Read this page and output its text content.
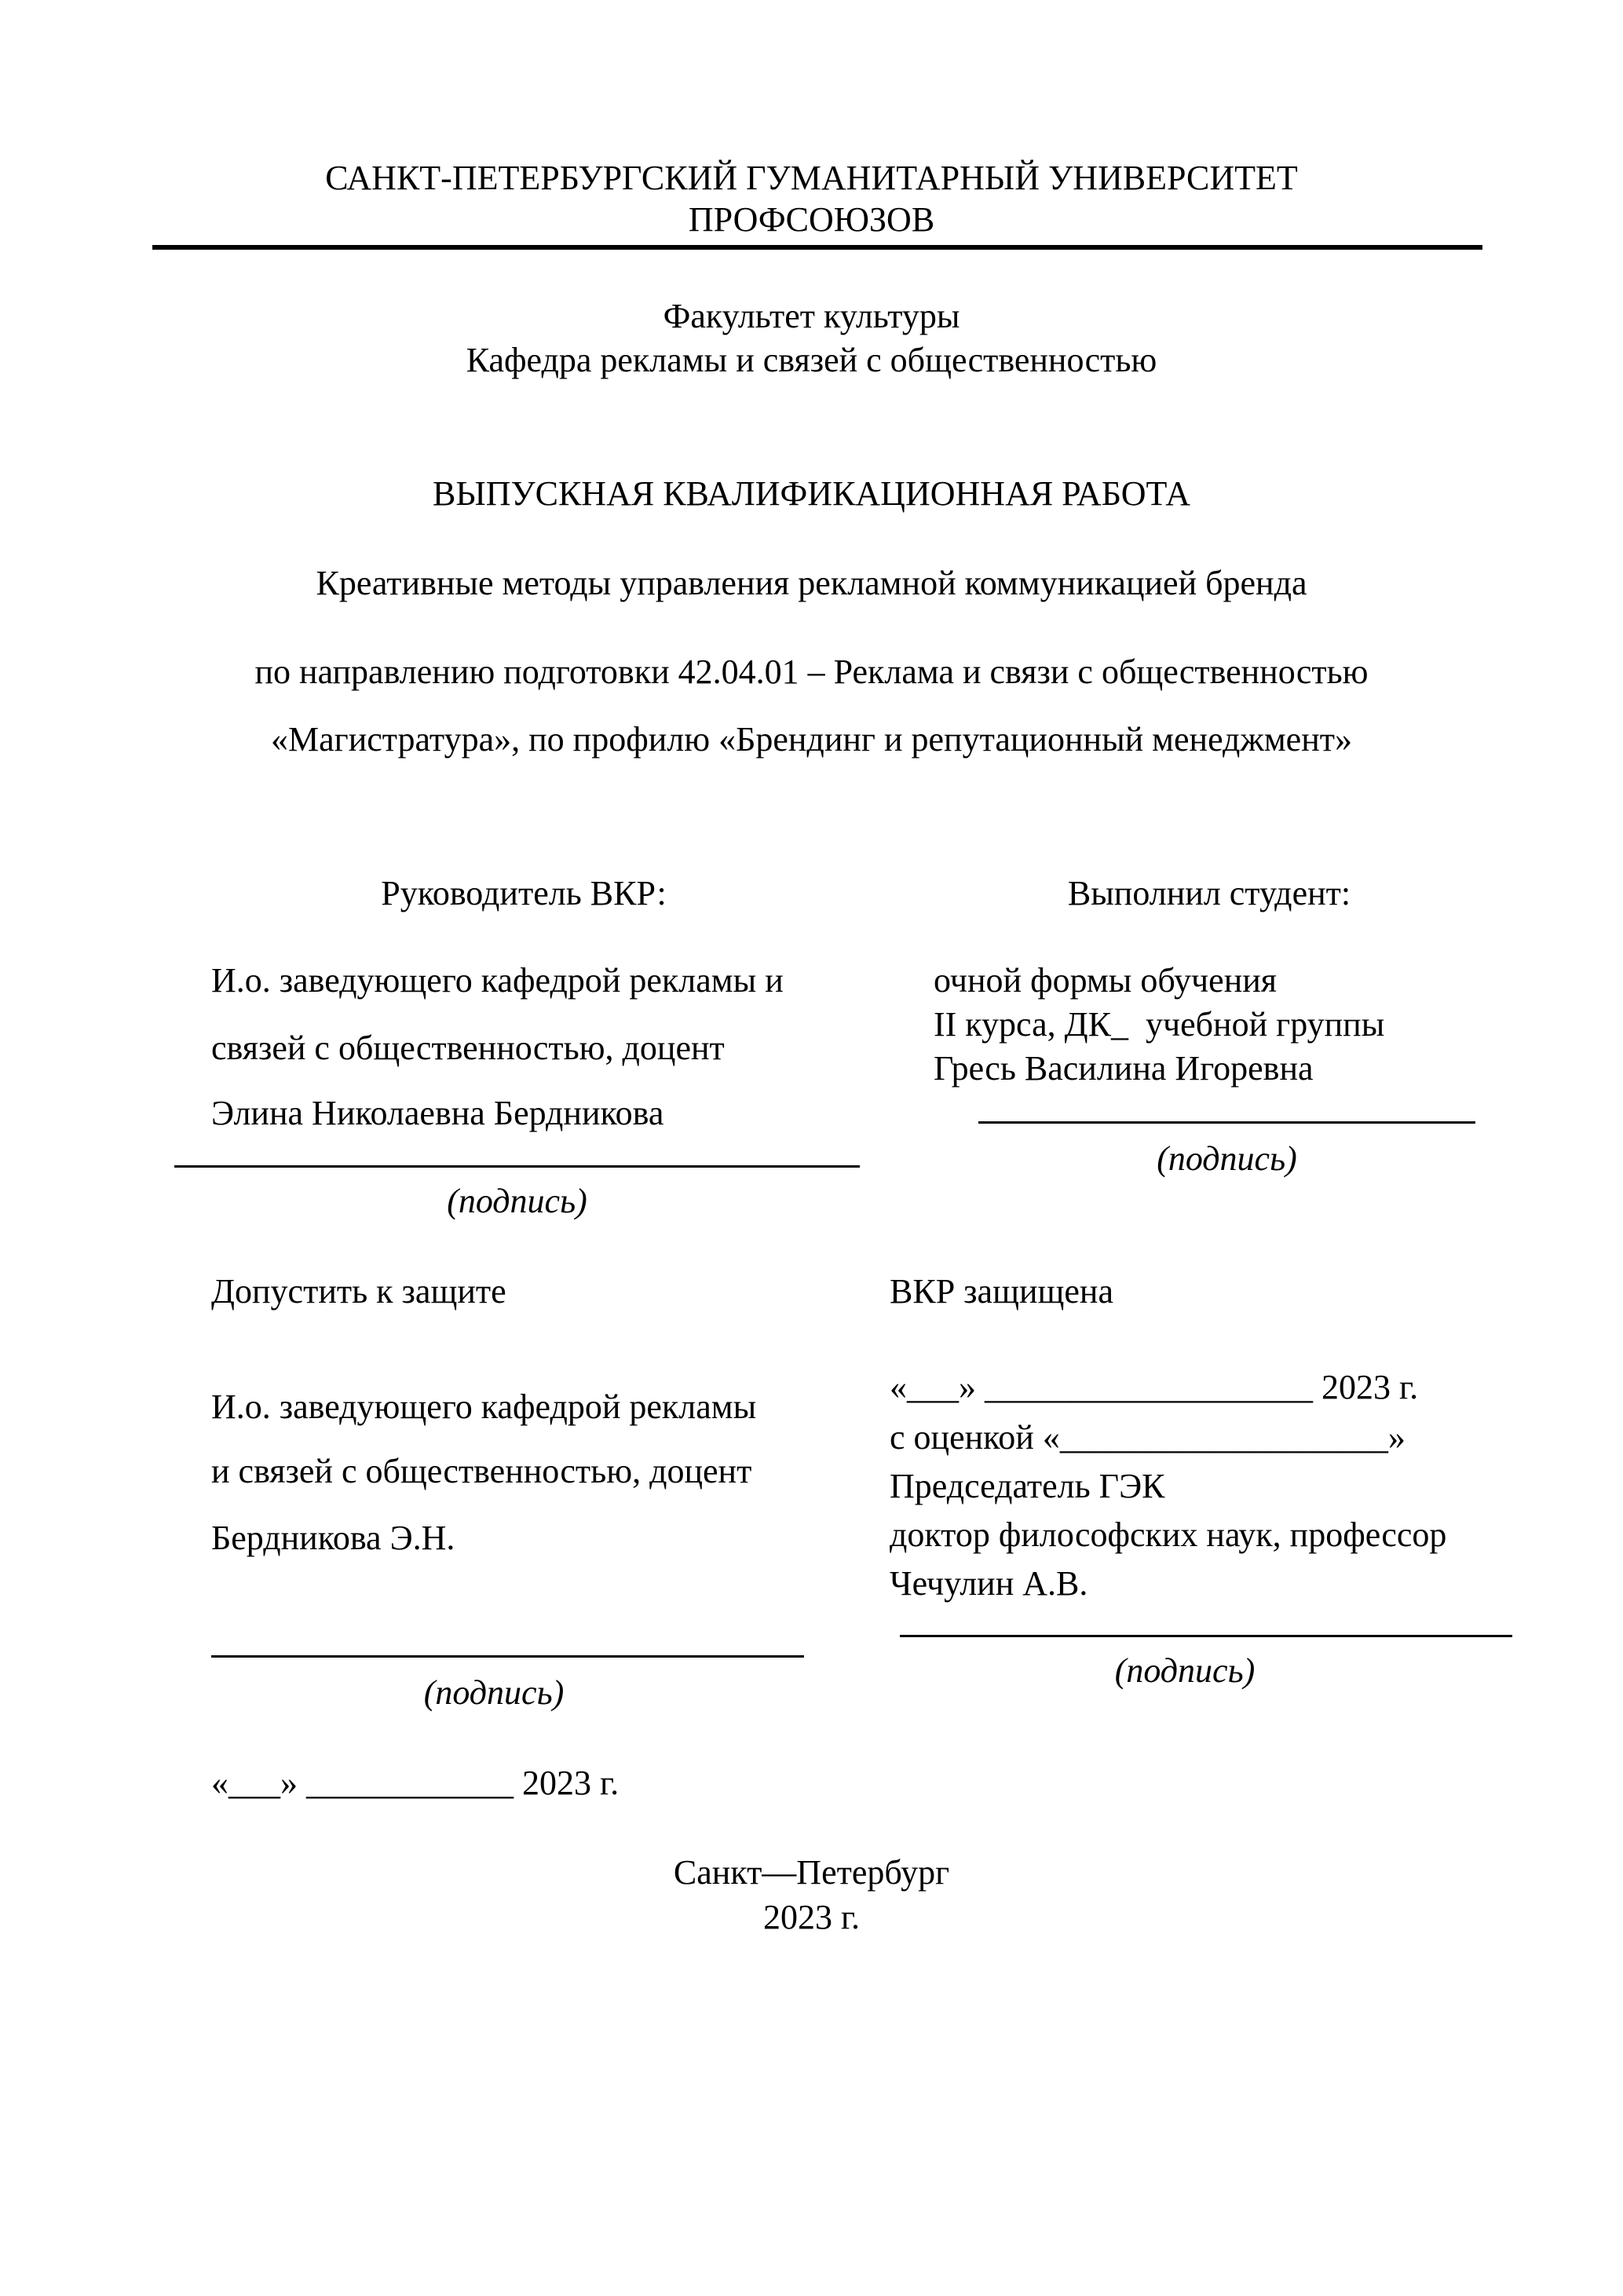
САНКТ-ПЕТЕРБУРГСКИЙ ГУМАНИТАРНЫЙ УНИВЕРСИТЕТ
ПРОФСОЮЗОВ
Факультет культуры
Кафедра рекламы и связей с общественностью
ВЫПУСКНАЯ КВАЛИФИКАЦИОННАЯ РАБОТА
Креативные методы управления рекламной коммуникацией бренда
по направлению подготовки 42.04.01 – Реклама и связи с общественностью
«Магистратура», по профилю «Брендинг и репутационный менеджмент»
Руководитель ВКР:
И.о. заведующего кафедрой рекламы и
связей с общественностью, доцент
Элина Николаевна Бердникова
(подпись)
Выполнил студент:
очной формы обучения
II курса, ДК_  учебной группы
Гресь Василина Игоревна
(подпись)
Допустить к защите
И.о. заведующего кафедрой рекламы
и связей с общественностью, доцент
Бердникова Э.Н.
(подпись)
«___» ____________ 2023 г.
ВКР защищена
«___» ___________________ 2023 г.
с оценкой «___________________»
Председатель ГЭК
доктор философских наук, профессор
Чечулин А.В.
(подпись)
Санкт—Петербург
2023 г.
